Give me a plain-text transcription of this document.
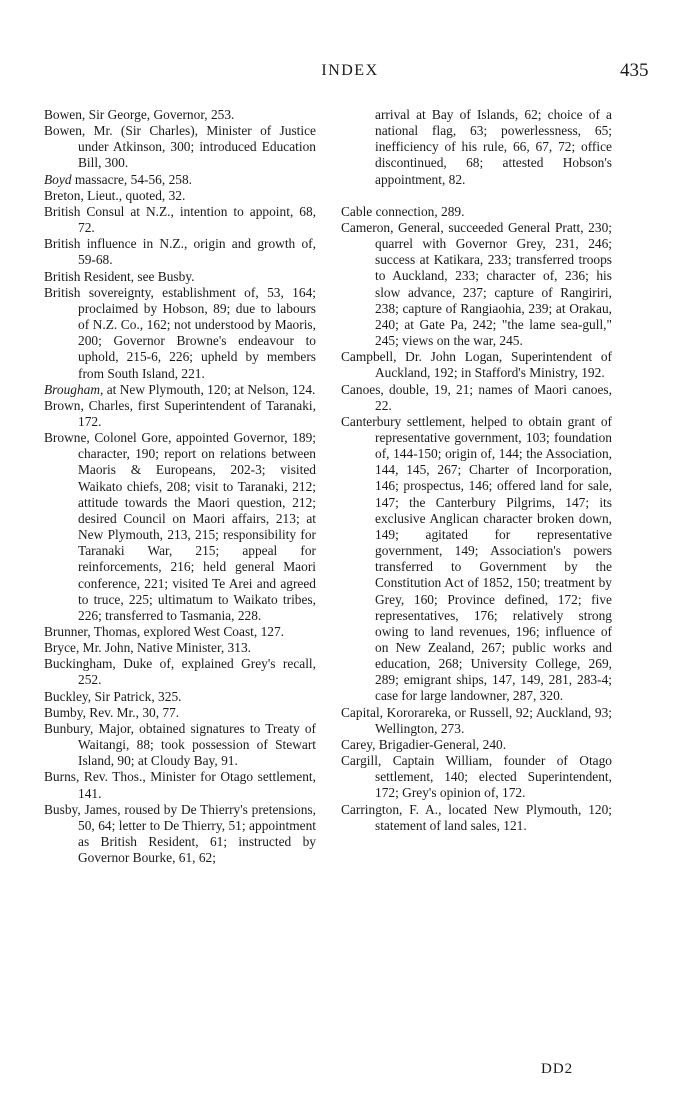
INDEX	435

Bowen, Sir George, Governor, 253.

Bowen, Mr. (Sir Charles), Minister of Justice under Atkinson, 300; introduced Education Bill, 300.

Boyd massacre, 54-56, 258.

Breton, Lieut., quoted, 32.

British Consul at N.Z., intention to appoint, 68, 72.

British influence in N.Z., origin and growth of, 59-68.

British Resident, see Busby.

British sovereignty, establishment of, 53, 164; proclaimed by Hobson, 89; due to labours of N.Z. Co., 162; not understood by Maoris, 200; Governor Browne's endeavour to uphold, 215-6, 226; upheld by members from South Island, 221.

Brougham, at New Plymouth, 120; at Nelson, 124.

Brown, Charles, first Superintendent of Taranaki, 172.

Browne, Colonel Gore, appointed Governor, 189; character, 190; report on relations between Maoris & Europeans, 202-3; visited Waikato chiefs, 208; visit to Taranaki, 212; attitude towards the Maori question, 212; desired Council on Maori affairs, 213; at New Plymouth, 213, 215; responsibility for Taranaki War, 215; appeal for reinforcements, 216; held general Maori conference, 221; visited Te Arei and agreed to truce, 225; ultimatum to Waikato tribes, 226; transferred to Tasmania, 228.

Brunner, Thomas, explored West Coast, 127.

Bryce, Mr. John, Native Minister, 313.

Buckingham, Duke of, explained Grey's recall, 252.

Buckley, Sir Patrick, 325.

Bumby, Rev. Mr., 30, 77.

Bunbury, Major, obtained signatures to Treaty of Waitangi, 88; took possession of Stewart Island, 90; at Cloudy Bay, 91.

Burns, Rev. Thos., Minister for Otago settlement, 141.

Busby, James, roused by De Thierry's pretensions, 50, 64; letter to De Thierry, 51; appointment as British Resident, 61; instructed by Governor Bourke, 61, 62;

arrival at Bay of Islands, 62; choice of a national flag, 63; powerlessness, 65; inefficiency of his rule, 66, 67, 72; office discontinued, 68; attested Hobson's appointment, 82.

Cable connection, 289.

Cameron, General, succeeded General Pratt, 230; quarrel with Governor Grey, 231, 246; success at Katikara, 233; transferred troops to Auckland, 233; character of, 236; his slow advance, 237; capture of Rangiriri, 238; capture of Rangiaohia, 239; at Orakau, 240; at Gate Pa, 242; "the lame sea-gull," 245; views on the war, 245.

Campbell, Dr. John Logan, Superintendent of Auckland, 192; in Stafford's Ministry, 192.

Canoes, double, 19, 21; names of Maori canoes, 22.

Canterbury settlement, helped to obtain grant of representative government, 103; foundation of, 144-150; origin of, 144; the Association, 144, 145, 267; Charter of Incorporation, 146; prospectus, 146; offered land for sale, 147; the Canterbury Pilgrims, 147; its exclusive Anglican character broken down, 149; agitated for representative government, 149; Association's powers transferred to Government by the Constitution Act of 1852, 150; treatment by Grey, 160; Province defined, 172; five representatives, 176; relatively strong owing to land revenues, 196; influence of on New Zealand, 267; public works and education, 268; University College, 269, 289; emigrant ships, 147, 149, 281, 283-4; case for large landowner, 287, 320.

Capital, Kororareka, or Russell, 92; Auckland, 93; Wellington, 273.

Carey, Brigadier-General, 240.

Cargill, Captain William, founder of Otago settlement, 140; elected Superintendent, 172; Grey's opinion of, 172.

Carrington, F. A., located New Plymouth, 120; statement of land sales, 121.

DD2
